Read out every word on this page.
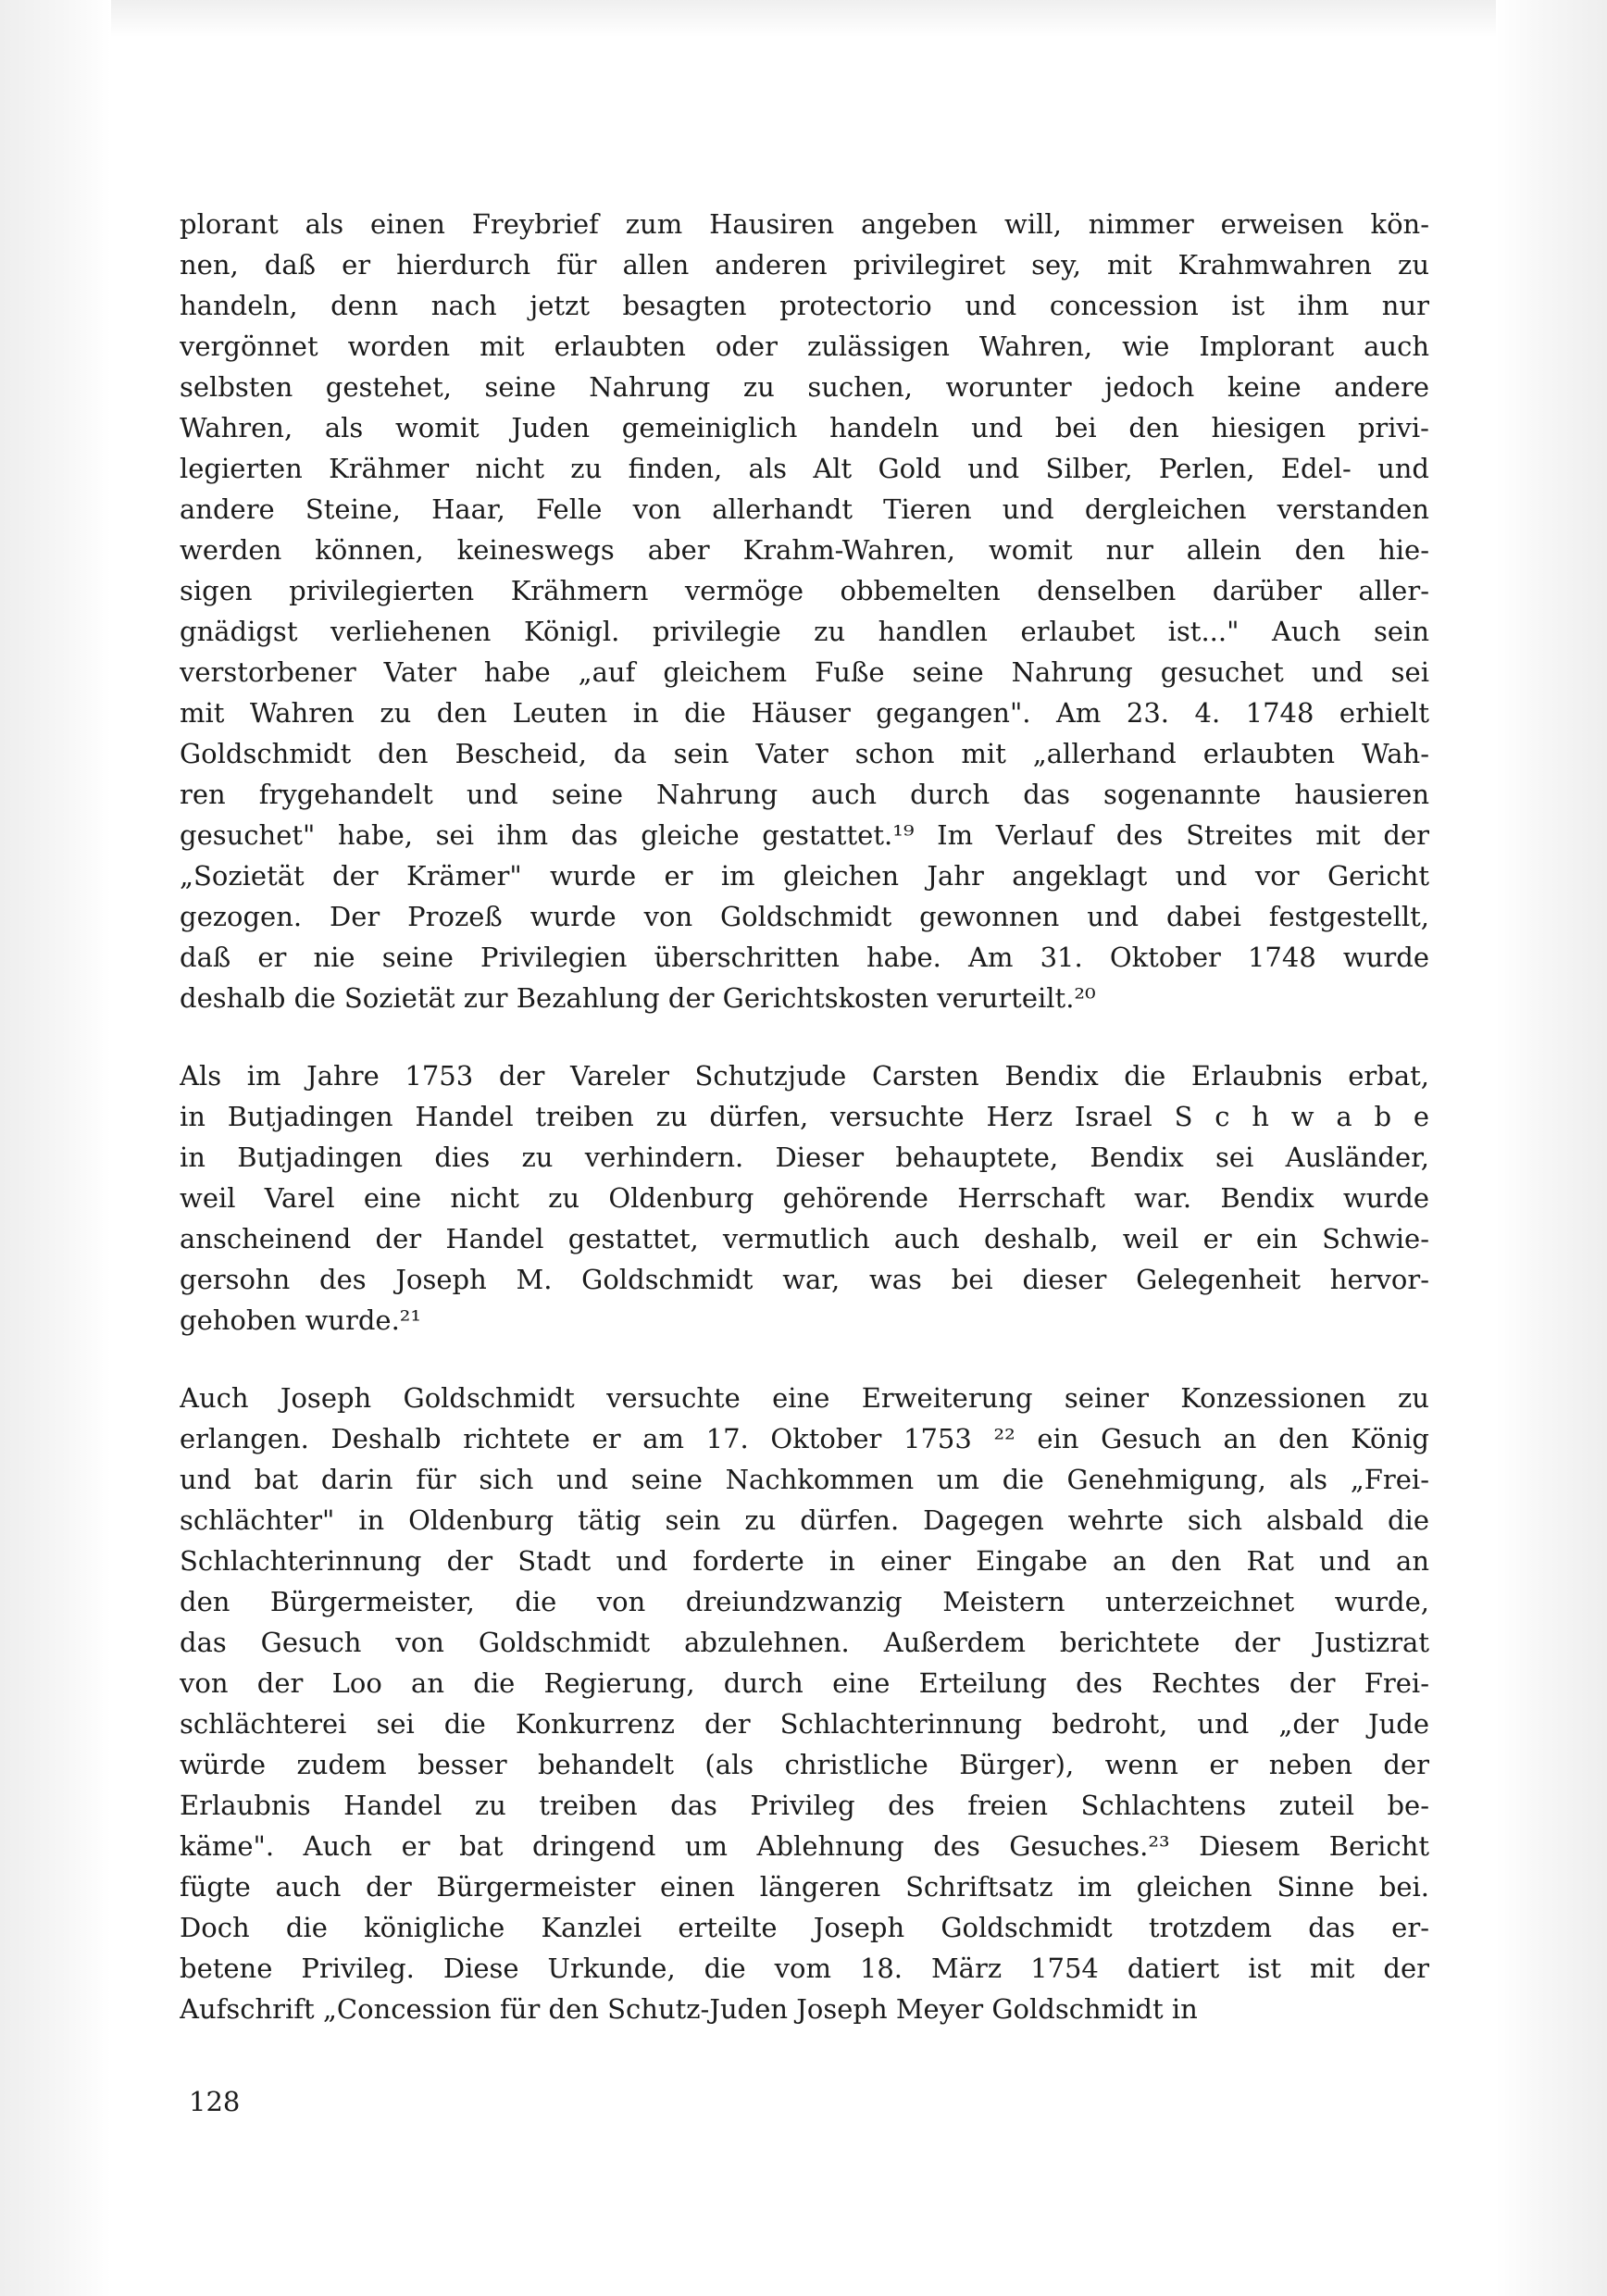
plorant als einen Freybrief zum Hausiren angeben will, nimmer erweisen kön-
nen, daß er hierdurch für allen anderen privilegiret sey, mit Krahmwahren zu
handeln, denn nach jetzt besagten protectorio und concession ist ihm nur
vergönnet worden mit erlaubten oder zulässigen Wahren, wie Implorant auch
selbsten gestehet, seine Nahrung zu suchen, worunter jedoch keine andere
Wahren, als womit Juden gemeiniglich handeln und bei den hiesigen privi-
legierten Krähmer nicht zu finden, als Alt Gold und Silber, Perlen, Edel- und
andere Steine, Haar, Felle von allerhandt Tieren und dergleichen verstanden
werden können, keineswegs aber Krahm-Wahren, womit nur allein den hie-
sigen privilegierten Krähmern vermöge obbemelten denselben darüber aller-
gnädigst verliehenen Königl. privilegie zu handlen erlaubet ist..." Auch sein
verstorbener Vater habe „auf gleichem Fuße seine Nahrung gesuchet und sei
mit Wahren zu den Leuten in die Häuser gegangen". Am 23. 4. 1748 erhielt
Goldschmidt den Bescheid, da sein Vater schon mit „allerhand erlaubten Wah-
ren frygehandelt und seine Nahrung auch durch das sogenannte hausieren
gesuchet" habe, sei ihm das gleiche gestattet.¹⁹ Im Verlauf des Streites mit der
„Sozietät der Krämer" wurde er im gleichen Jahr angeklagt und vor Gericht
gezogen. Der Prozeß wurde von Goldschmidt gewonnen und dabei festgestellt,
daß er nie seine Privilegien überschritten habe. Am 31. Oktober 1748 wurde
deshalb die Sozietät zur Bezahlung der Gerichtskosten verurteilt.²⁰
Als im Jahre 1753 der Vareler Schutzjude Carsten Bendix die Erlaubnis erbat,
in Butjadingen Handel treiben zu dürfen, versuchte Herz Israel S c h w a b e
in Butjadingen dies zu verhindern. Dieser behauptete, Bendix sei Ausländer,
weil Varel eine nicht zu Oldenburg gehörende Herrschaft war. Bendix wurde
anscheinend der Handel gestattet, vermutlich auch deshalb, weil er ein Schwie-
gersohn des Joseph M. Goldschmidt war, was bei dieser Gelegenheit hervor-
gehoben wurde.²¹
Auch Joseph Goldschmidt versuchte eine Erweiterung seiner Konzessionen zu
erlangen. Deshalb richtete er am 17. Oktober 1753 ²² ein Gesuch an den König
und bat darin für sich und seine Nachkommen um die Genehmigung, als „Frei-
schlächter" in Oldenburg tätig sein zu dürfen. Dagegen wehrte sich alsbald die
Schlachterinnung der Stadt und forderte in einer Eingabe an den Rat und an
den Bürgermeister, die von dreiundzwanzig Meistern unterzeichnet wurde,
das Gesuch von Goldschmidt abzulehnen. Außerdem berichtete der Justizrat
von der Loo an die Regierung, durch eine Erteilung des Rechtes der Frei-
schlächterei sei die Konkurrenz der Schlachterinnung bedroht, und „der Jude
würde zudem besser behandelt (als christliche Bürger), wenn er neben der
Erlaubnis Handel zu treiben das Privileg des freien Schlachtens zuteil be-
käme". Auch er bat dringend um Ablehnung des Gesuches.²³ Diesem Bericht
fügte auch der Bürgermeister einen längeren Schriftsatz im gleichen Sinne bei.
Doch die königliche Kanzlei erteilte Joseph Goldschmidt trotzdem das er-
betene Privileg. Diese Urkunde, die vom 18. März 1754 datiert ist mit der
Aufschrift „Concession für den Schutz-Juden Joseph Meyer Goldschmidt in
128
